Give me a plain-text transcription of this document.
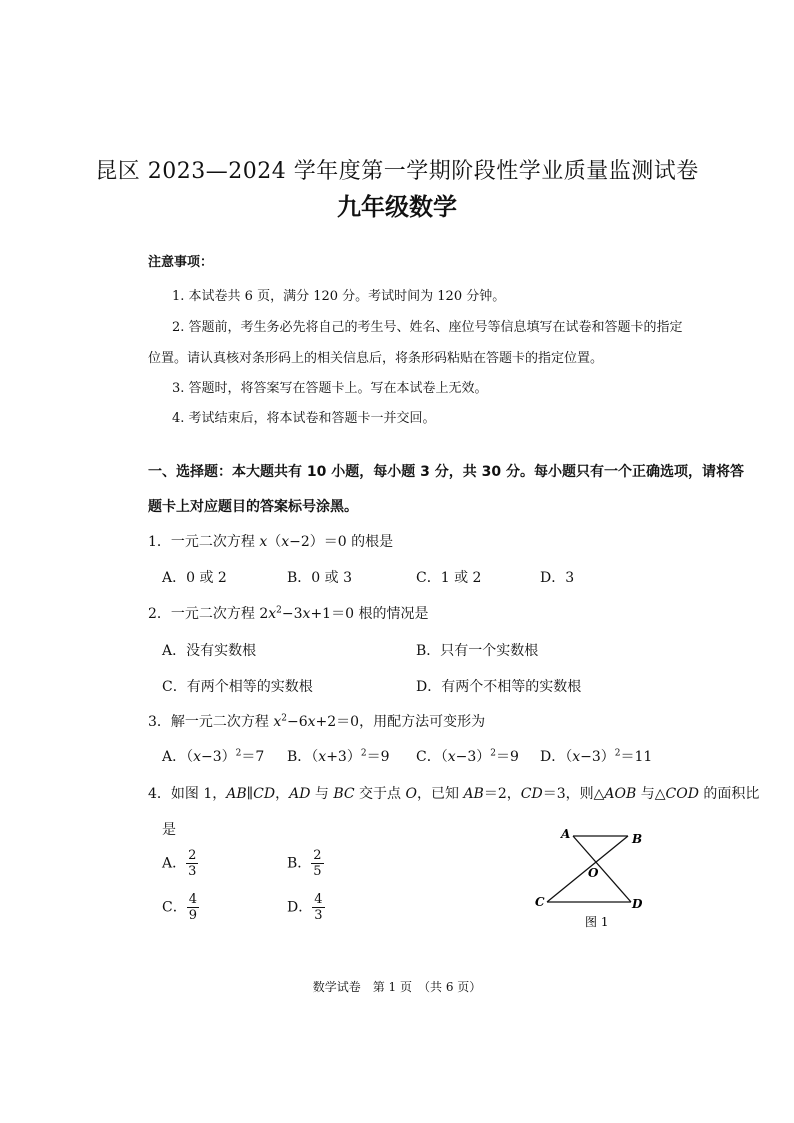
昆区 2023—2024 学年度第一学期阶段性学业质量监测试卷
九年级数学
注意事项：
1. 本试卷共 6 页，满分 120 分。考试时间为 120 分钟。
2. 答题前，考生务必先将自己的考生号、姓名、座位号等信息填写在试卷和答题卡的指定
位置。请认真核对条形码上的相关信息后，将条形码粘贴在答题卡的指定位置。
3. 答题时，将答案写在答题卡上。写在本试卷上无效。
4. 考试结束后，将本试卷和答题卡一并交回。
一、选择题：本大题共有 10 小题，每小题 3 分，共 30 分。每小题只有一个正确选项，请将答
题卡上对应题目的答案标号涂黑。
1．一元二次方程 x（x−2）＝0 的根是
A．0 或 2	B．0 或 3	C．1 或 2	D．3
2．一元二次方程 $2x^2-3x+1=0$ 根的情况是
A．没有实数根	B．只有一个实数根
C．有两个相等的实数根	D．有两个不相等的实数根
3．解一元二次方程 $x^2-6x+2=0$，用配方法可变形为
A．$(x-3)^2=7$ B．$(x+3)^2=9$ C．$(x-3)^2=9$ D．$(x-3)^2=11$
4．如图 1，AB∥CD，AD 与 BC 交于点 O，已知 AB＝2，CD＝3，则△AOB 与△COD 的面积比
是
A． $\frac{2}{3}$	B． $\frac{2}{5}$
C． $\frac{4}{9}$	D． $\frac{4}{3}$
A	B
O
C	D
图 1
数学试卷　第 1 页　（共 6 页）
